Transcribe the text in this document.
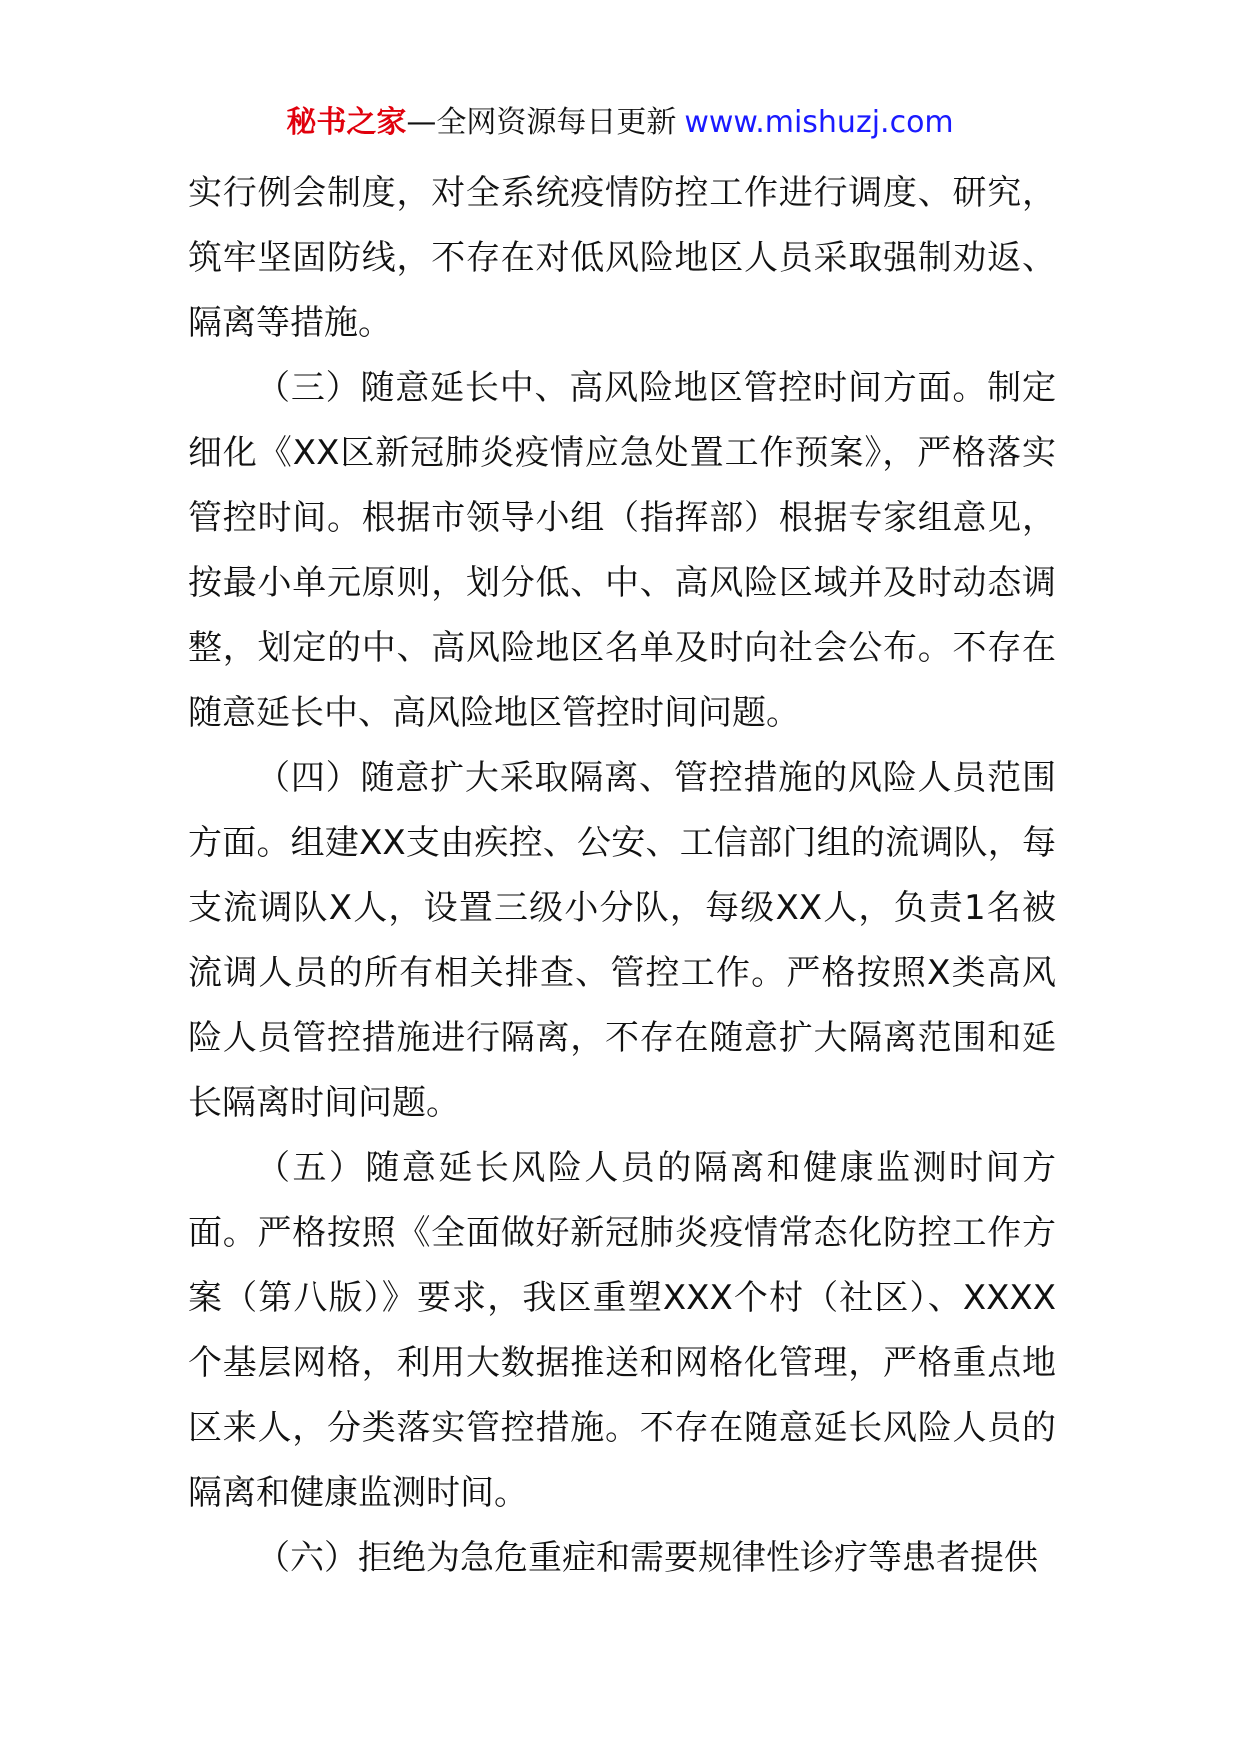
秘书之家—全网资源每日更新 www.mishuzj.com

实行例会制度，对全系统疫情防控工作进行调度、研究，筑牢坚固防线，不存在对低风险地区人员采取强制劝返、隔离等措施。

（三）随意延长中、高风险地区管控时间方面。制定细化《XX区新冠肺炎疫情应急处置工作预案》，严格落实管控时间。根据市领导小组（指挥部）根据专家组意见，按最小单元原则，划分低、中、高风险区域并及时动态调整，划定的中、高风险地区名单及时向社会公布。不存在随意延长中、高风险地区管控时间问题。

（四）随意扩大采取隔离、管控措施的风险人员范围方面。组建XX支由疾控、公安、工信部门组的流调队，每支流调队X人，设置三级小分队，每级XX人，负责1名被流调人员的所有相关排查、管控工作。严格按照X类高风险人员管控措施进行隔离，不存在随意扩大隔离范围和延长隔离时间问题。

（五）随意延长风险人员的隔离和健康监测时间方面。严格按照《全面做好新冠肺炎疫情常态化防控工作方案（第八版）》要求，我区重塑XXX个村（社区）、XXXX个基层网格，利用大数据推送和网格化管理，严格重点地区来人，分类落实管控措施。不存在随意延长风险人员的隔离和健康监测时间。

（六）拒绝为急危重症和需要规律性诊疗等患者提供
